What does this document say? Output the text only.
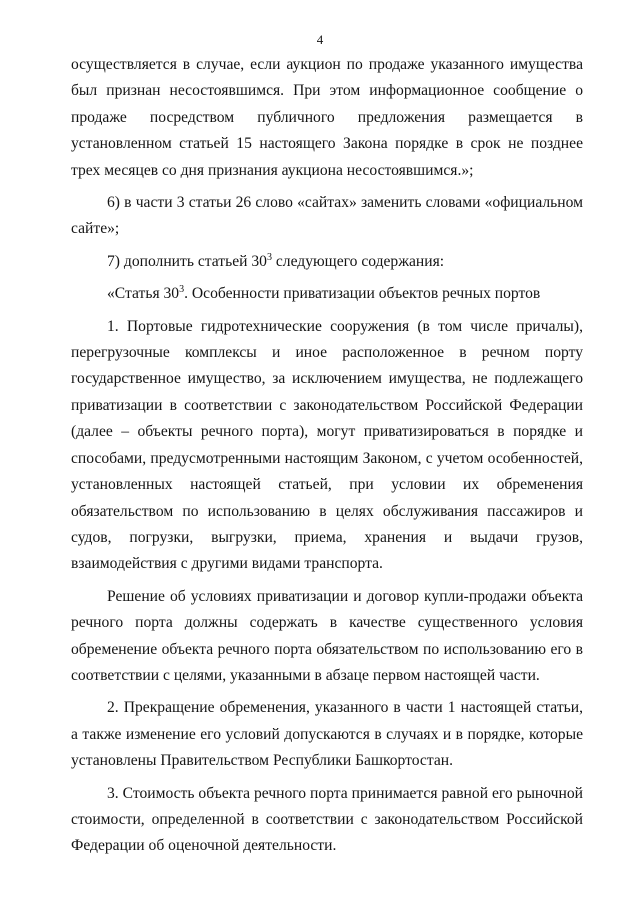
4

осуществляется в случае, если аукцион по продаже указанного имущества был признан несостоявшимся. При этом информационное сообщение о продаже посредством публичного предложения размещается в установленном статьей 15 настоящего Закона порядке в срок не позднее трех месяцев со дня признания аукциона несостоявшимся.»;

6) в части 3 статьи 26 слово «сайтах» заменить словами «официальном сайте»;

7) дополнить статьей $30^3$ следующего содержания:

«Статья $30^3$. Особенности приватизации объектов речных портов

1. Портовые гидротехнические сооружения (в том числе причалы), перегрузочные комплексы и иное расположенное в речном порту государственное имущество, за исключением имущества, не подлежащего приватизации в соответствии с законодательством Российской Федерации (далее – объекты речного порта), могут приватизироваться в порядке и способами, предусмотренными настоящим Законом, с учетом особенностей, установленных настоящей статьей, при условии их обременения обязательством по использованию в целях обслуживания пассажиров и судов, погрузки, выгрузки, приема, хранения и выдачи грузов, взаимодействия с другими видами транспорта.

Решение об условиях приватизации и договор купли-продажи объекта речного порта должны содержать в качестве существенного условия обременение объекта речного порта обязательством по использованию его в соответствии с целями, указанными в абзаце первом настоящей части.

2. Прекращение обременения, указанного в части 1 настоящей статьи, а также изменение его условий допускаются в случаях и в порядке, которые установлены Правительством Республики Башкортостан.

3. Стоимость объекта речного порта принимается равной его рыночной стоимости, определенной в соответствии с законодательством Российской Федерации об оценочной деятельности.
